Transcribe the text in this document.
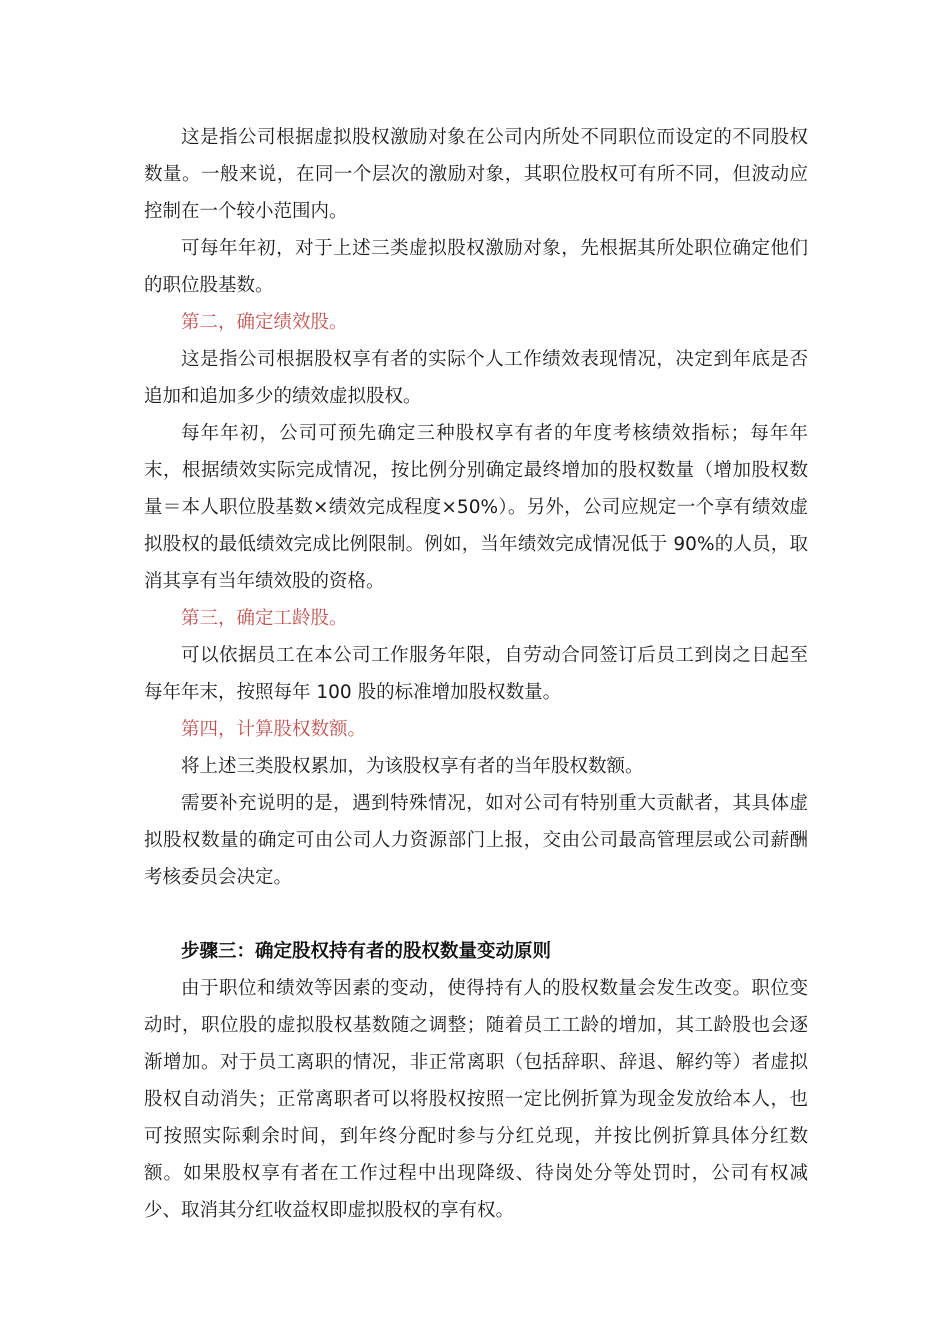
这是指公司根据虚拟股权激励对象在公司内所处不同职位而设定的不同股权数量。一般来说，在同一个层次的激励对象，其职位股权可有所不同，但波动应控制在一个较小范围内。

可每年年初，对于上述三类虚拟股权激励对象，先根据其所处职位确定他们的职位股基数。

第二，确定绩效股。

这是指公司根据股权享有者的实际个人工作绩效表现情况，决定到年底是否追加和追加多少的绩效虚拟股权。

每年年初，公司可预先确定三种股权享有者的年度考核绩效指标；每年年末，根据绩效实际完成情况，按比例分别确定最终增加的股权数量（增加股权数量＝本人职位股基数×绩效完成程度×50%）。另外，公司应规定一个享有绩效虚拟股权的最低绩效完成比例限制。例如，当年绩效完成情况低于 90%的人员，取消其享有当年绩效股的资格。

第三，确定工龄股。

可以依据员工在本公司工作服务年限，自劳动合同签订后员工到岗之日起至每年年末，按照每年 100 股的标准增加股权数量。

第四，计算股权数额。

将上述三类股权累加，为该股权享有者的当年股权数额。

需要补充说明的是，遇到特殊情况，如对公司有特别重大贡献者，其具体虚拟股权数量的确定可由公司人力资源部门上报，交由公司最高管理层或公司薪酬考核委员会决定。

步骤三：确定股权持有者的股权数量变动原则

由于职位和绩效等因素的变动，使得持有人的股权数量会发生改变。职位变动时，职位股的虚拟股权基数随之调整；随着员工工龄的增加，其工龄股也会逐渐增加。对于员工离职的情况，非正常离职（包括辞职、辞退、解约等）者虚拟股权自动消失；正常离职者可以将股权按照一定比例折算为现金发放给本人，也可按照实际剩余时间，到年终分配时参与分红兑现，并按比例折算具体分红数额。如果股权享有者在工作过程中出现降级、待岗处分等处罚时，公司有权减少、取消其分红收益权即虚拟股权的享有权。
